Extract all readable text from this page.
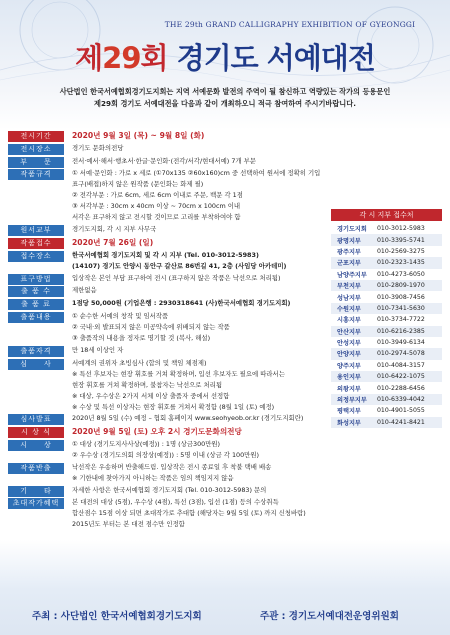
THE 29th GRAND CALLIGRAPHY EXHIBITION OF GYEONGGI
제29회 경기도 서예대전
사단법인 한국서예협회경기도지회는 지역 서예문화 발전의 주역이 될 참신하고 역량있는 작가의 등용문인
제29회 경기도 서예대전을 다음과 같이 개최하오니 적극 참여하여 주시기바랍니다.
전시기간	2020년 9월 3일 (목) ~ 9월 8일 (화)
전시장소	경기도 문화의전당
부　　문	전서·예서·해서·행초서·한글·문인화·(전각/서각/현대서예) 7개 부문
작품규격	① 서예·문인화 : 가로 x 세로 (①70x135 ②60x160)cm 중 선택하여 원서에 정확히 기입
표구(배접)하지 않은 원작품 (문인화는 화제 필)
② 전각부문 : 가로 6cm, 세로 6cm 이내로 주문, 백문 각 1점
③ 서각부문 : 30cm x 40cm 이상 ~ 70cm x 100cm 이내
서각은 표구하지 않고 전시할 것이므로 고리를 부착하여야 함
원서교부	경기도지회, 각 시 지부 사무국
작품접수	2020년 7월 26일 (일)
접수장소	한국서예협회 경기도지회 및 각 시 지부 (Tel. 010-3012-5983)
(14107) 경기도 안양시 동안구 갈산로 86번길 41, 2층 (사임당 아카데미)
표구방법	입상작은 본인 부담 표구하여 전시 (표구하지 않은 작품은 낙선으로 처리됨)
출 품 수	제한없음
출 품 료	1점당 50,000원 (기업은행 : 2930318641 (사)한국서예협회 경기도지회)
출품내용	① 순수한 서예의 창작 및 임서작품
② 국내·외 발표되지 않은 미공약속에 위배되지 않는 작품
③ 출품작의 내용을 정자로 명기할 것 (복사, 해설)
출품자격	만 18세 이상인 자
심　　사	서예계의 권위자 초빙심사 (합의 및 책임 체점제)
※ 특선 후보자는 현장 휘호를 거쳐 확정하며, 입선 후보자도 필요에 따라서는
현장 휘호를 거쳐 확정하며, 불참자는 낙선으로 처리됨
※ 대상, 우수상은 2가지 서체 이상 출품자 중에서 선정함
※ 수상 및 특선 이상자는 현장 휘호를 거쳐서 확정함 (8월 1일 (토) 예정)
심사발표	2020년 8월 5일 (수) 예정 – 협회 홈페이지 www.seohyeob.or.kr (경기도지회란)
시 상 식	2020년 9월 5일 (토) 오후 2시 경기도문화의전당
시　　상	① 대상 (경기도지사사상(예정)) : 1명 (상금300만원)
② 우수상 (경기도의회 의장상(예정)) : 5명 이내 (상금 각 100만원)
작품반출	낙선작은 우송하며 반출해드림. 입상작은 전시 종료일 후 착불 택배 배송
※ 기한내에 찾아가지 아니하는 작품은 임의 책임지지 않음
기　　타	자세한 사항은 한국서예협회 경기도지회 (Tel. 010-3012-5983) 문의
초대작가혜택	본 대전의 대상 (5점), 우수상 (4점), 특선 (3점), 입선 (1점) 등의 수상취득
합산점수 15점 이상 되면 초대작가로 추대함 (해당자는 9월 5일 (토) 까지 신청바람)
2015년도 부터는 본 대전 점수만 인정함
각 시 지부 접수처
경기도지회	010-3012-5983
광명지부	010-3395-5741
광주지부	010-2569-3275
군포지부	010-2323-1435
남양주지부	010-4273-6050
부천지부	010-2809-1970
성남지부	010-3908-7456
수원지부	010-7341-5630
시흥지부	010-3734-7722
안산지부	010-6216-2385
안성지부	010-3949-6134
안양지부	010-2974-5078
양주지부	010-4084-3157
용인지부	010-6422-1075
의왕지부	010-2288-6456
의정부지부	010-6339-4042
평택지부	010-4901-5055
화성지부	010-4241-8421
주최 : 사단법인 한국서예협회경기도지회	주관 : 경기도서예대전운영위원회
